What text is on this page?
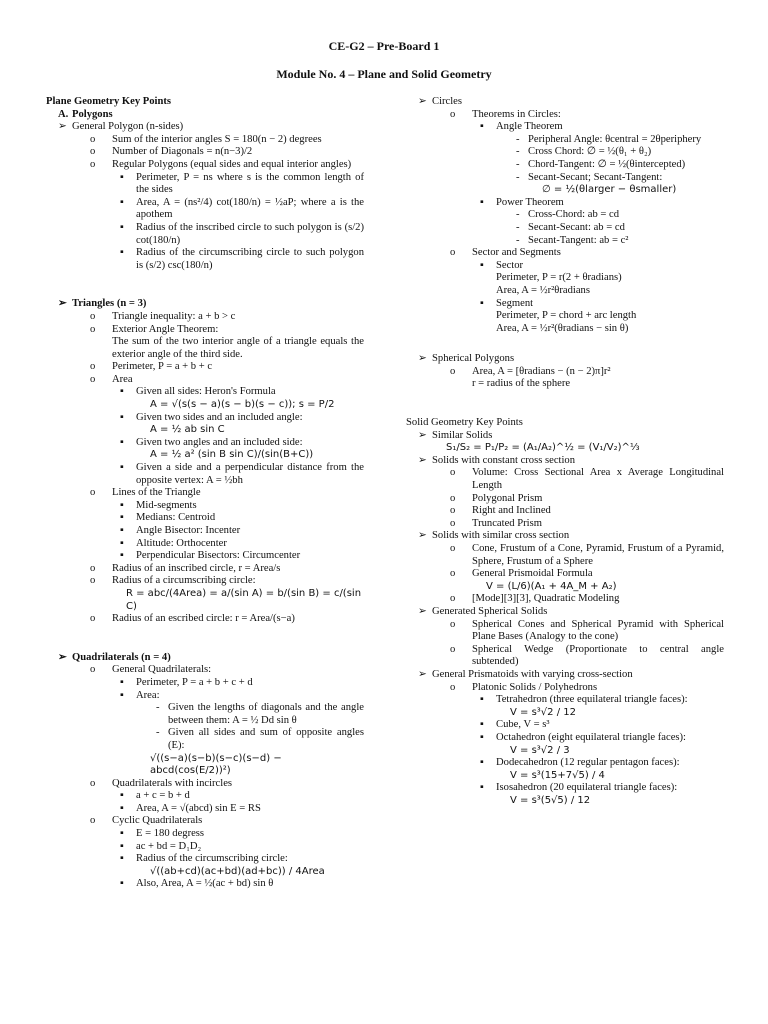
CE-G2 – Pre-Board 1
Module No. 4 – Plane and Solid Geometry
Plane Geometry Key Points
A. Polygons
➢ General Polygon (n-sides)
o Sum of the interior angles S = 180(n − 2) degrees
o Number of Diagonals = n(n−3)/2
o Regular Polygons (equal sides and equal interior angles)
▪ Perimeter, P = ns where s is the common length of the sides
▪ Area, A = (ns²/4) cot(180/n) = ½aP; where a is the apothem
▪ Radius of the inscribed circle to such polygon is (s/2) cot(180/n)
▪ Radius of the circumscribing circle to such polygon is (s/2) csc(180/n)
➢ Triangles (n = 3)
o Triangle inequality: a + b > c
o Exterior Angle Theorem:
The sum of the two interior angle of a triangle equals the exterior angle of the third side.
o Perimeter, P = a + b + c
o Area
▪ Given all sides: Heron's Formula
A = √(s(s − a)(s − b)(s − c)); s = P/2
▪ Given two sides and an included angle:
A = ½ ab sin C
▪ Given two angles and an included side:
A = ½ a² (sin B sin C)/(sin(B+C))
▪ Given a side and a perpendicular distance from the opposite vertex: A = ½bh
o Lines of the Triangle
▪ Mid-segments
▪ Medians: Centroid
▪ Angle Bisector: Incenter
▪ Altitude: Orthocenter
▪ Perpendicular Bisectors: Circumcenter
o Radius of an inscribed circle, r = Area/s
o Radius of a circumscribing circle:
R = abc/(4Area) = a/(sin A) = b/(sin B) = c/(sin C)
o Radius of an escribed circle: r = Area/(s−a)
➢ Quadrilaterals (n = 4)
o General Quadrilaterals:
▪ Perimeter, P = a + b + c + d
▪ Area:
- Given the lengths of diagonals and the angle between them: A = ½ Dd sin θ
- Given all sides and sum of opposite angles (E):
√((s−a)(s−b)(s−c)(s−d) − abcd(cos(E/2))²)
o Quadrilaterals with incircles
▪ a + c = b + d
▪ Area, A = √(abcd) sin E = RS
o Cyclic Quadrilaterals
▪ E = 180 degress
▪ ac + bd = D₁D₂
▪ Radius of the circumscribing circle:
√((ab+cd)(ac+bd)(ad+bc)) / 4Area
▪ Also, Area, A = ½(ac + bd) sin θ
➢ Circles
o Theorems in Circles:
▪ Angle Theorem
- Peripheral Angle: θcentral = 2θperiphery
- Cross Chord: ∅ = ½(θ₁ + θ₂)
- Chord-Tangent: ∅ = ½(θintercepted)
- Secant-Secant; Secant-Tangent:
∅ = ½(θlarger − θsmaller)
▪ Power Theorem
- Cross-Chord: ab = cd
- Secant-Secant: ab = cd
- Secant-Tangent: ab = c²
o Sector and Segments
▪ Sector
Perimeter, P = r(2 + θradians)
Area, A = ½r²θradians
▪ Segment
Perimeter, P = chord + arc length
Area, A = ½r²(θradians − sin θ)
➢ Spherical Polygons
o Area, A = [θradians − (n − 2)π]r²
r = radius of the sphere
Solid Geometry Key Points
➢ Similar Solids
S₁/S₂ = P₁/P₂ = (A₁/A₂)^½ = (V₁/V₂)^⅓
➢ Solids with constant cross section
o Volume: Cross Sectional Area x Average Longitudinal Length
o Polygonal Prism
o Right and Inclined
o Truncated Prism
➢ Solids with similar cross section
o Cone, Frustum of a Cone, Pyramid, Frustum of a Pyramid, Sphere, Frustum of a Sphere
o General Prismoidal Formula
V = (L/6)(A₁ + 4A_M + A₂)
o [Mode][3][3], Quadratic Modeling
➢ Generated Spherical Solids
o Spherical Cones and Spherical Pyramid with Spherical Plane Bases (Analogy to the cone)
o Spherical Wedge (Proportionate to central angle subtended)
➢ General Prismatoids with varying cross-section
o Platonic Solids / Polyhedrons
▪ Tetrahedron (three equilateral triangle faces):
V = s³√2 / 12
▪ Cube, V = s³
▪ Octahedron (eight equilateral triangle faces):
V = s³√2 / 3
▪ Dodecahedron (12 regular pentagon faces):
V = s³(15+7√5) / 4
▪ Isosahedron (20 equilateral triangle faces):
V = s³(5√5) / 12
